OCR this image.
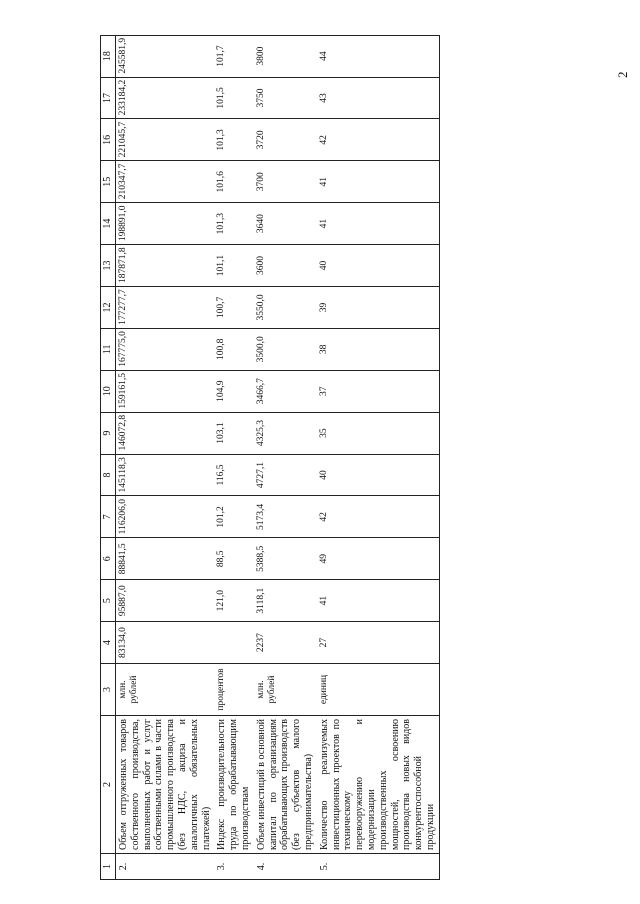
2
1	2	3	4	5	6	7	8	9	10	11	12	13	14	15	16	17	18
2.	Объем отгруженных товаров собственного производства, выполненных работ и услуг собственными силами в части промышленного производства (без НДС, акциза и аналогичных обязательных платежей)	млн. рублей	83134,0	95887,0	88841,5	116206,0	145118,3	146072,8	159161,5	167775,0	177277,7	187871,8	198891,0	210347,7	221045,7	233184,2	245581,9
3.	Индекс производительности труда по обрабатывающим производствам	процентов		121,0	88,5	101,2	116,5	103,1	104,9	100,8	100,7	101,1	101,3	101,6	101,3	101,5	101,7
4.	Объем инвестиций в основной капитал по организациям обрабатывающих производств (без субъектов малого предпринимательства)	млн. рублей	2237	3118,1	5388,5	5173,4	4727,1	4325,3	3466,7	3500,0	3550,0	3600	3640	3700	3720	3750	3800
5.	Количество реализуемых инвестиционных проектов по техническому перевооружению и модернизации производственных мощностей, освоению производства новых видов конкурентоспособной продукции	единиц	27	41	49	42	40	35	37	38	39	40	41	41	42	43	44
